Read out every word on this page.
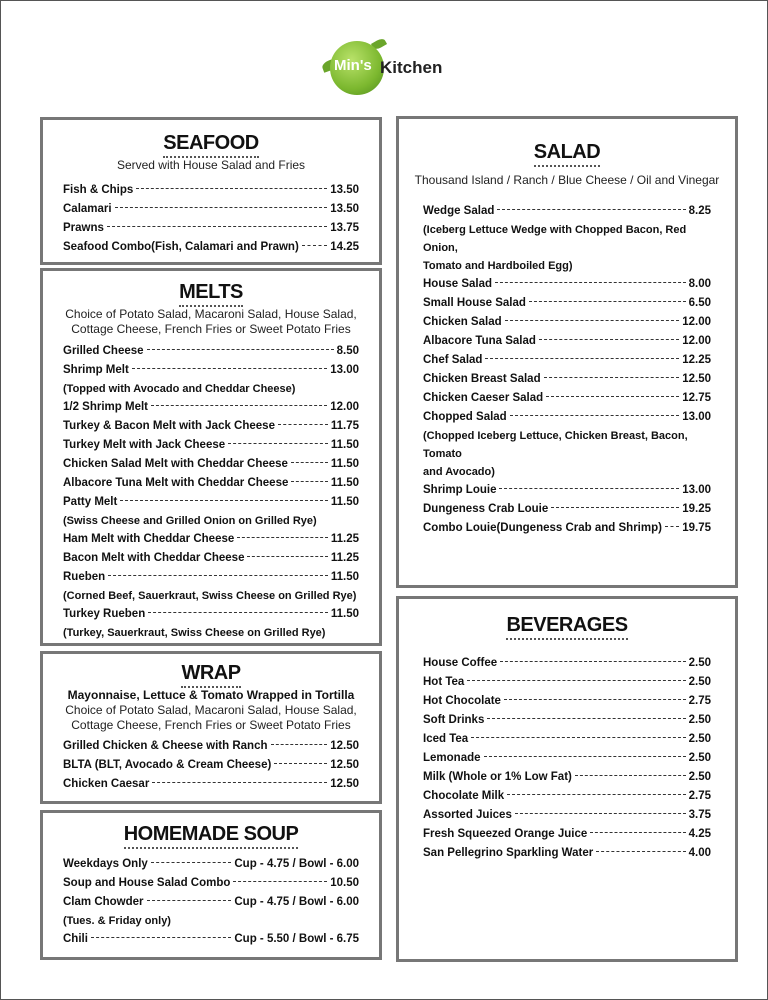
Min's Kitchen
SEAFOOD
Served with House Salad and Fries
Fish & Chips	13.50
Calamari	13.50
Prawns	13.75
Seafood Combo(Fish, Calamari and Prawn)	14.25
MELTS
Choice of Potato Salad, Macaroni Salad, House Salad,
Cottage Cheese, French Fries or Sweet Potato Fries
Grilled Cheese	8.50
Shrimp Melt	13.00
(Topped with Avocado and Cheddar Cheese)
1/2 Shrimp Melt	12.00
Turkey & Bacon Melt with Jack Cheese	11.75
Turkey Melt with Jack Cheese	11.50
Chicken Salad Melt with Cheddar Cheese	11.50
Albacore Tuna Melt with Cheddar Cheese	11.50
Patty Melt	11.50
(Swiss Cheese and Grilled Onion on Grilled Rye)
Ham Melt with Cheddar Cheese	11.25
Bacon Melt with Cheddar Cheese	11.25
Rueben	11.50
(Corned Beef, Sauerkraut, Swiss Cheese on Grilled Rye)
Turkey Rueben	11.50
(Turkey, Sauerkraut, Swiss Cheese on Grilled Rye)
WRAP
Mayonnaise, Lettuce & Tomato Wrapped in Tortilla
Choice of Potato Salad, Macaroni Salad, House Salad,
Cottage Cheese, French Fries or Sweet Potato Fries
Grilled Chicken & Cheese with Ranch	12.50
BLTA (BLT, Avocado & Cream Cheese)	12.50
Chicken Caesar	12.50
HOMEMADE SOUP
Weekdays Only	Cup - 4.75 / Bowl - 6.00
Soup and House Salad Combo	10.50
Clam Chowder	Cup - 4.75 / Bowl - 6.00
(Tues. & Friday only)
Chili	Cup - 5.50 / Bowl - 6.75
SALAD
Thousand Island / Ranch / Blue Cheese / Oil and Vinegar
Wedge Salad	8.25
(Iceberg Lettuce Wedge with Chopped Bacon, Red Onion,
Tomato and Hardboiled Egg)
House Salad	8.00
Small House Salad	6.50
Chicken Salad	12.00
Albacore Tuna Salad	12.00
Chef Salad	12.25
Chicken Breast Salad	12.50
Chicken Caeser Salad	12.75
Chopped Salad	13.00
(Chopped Iceberg Lettuce, Chicken Breast, Bacon, Tomato
and Avocado)
Shrimp Louie	13.00
Dungeness Crab Louie	19.25
Combo Louie(Dungeness Crab and Shrimp) 19.75
BEVERAGES
House Coffee	2.50
Hot Tea	2.50
Hot Chocolate	2.75
Soft Drinks	2.50
Iced Tea	2.50
Lemonade	2.50
Milk (Whole or 1% Low Fat)	2.50
Chocolate Milk	2.75
Assorted Juices	3.75
Fresh Squeezed Orange Juice	4.25
San Pellegrino Sparkling Water	4.00
